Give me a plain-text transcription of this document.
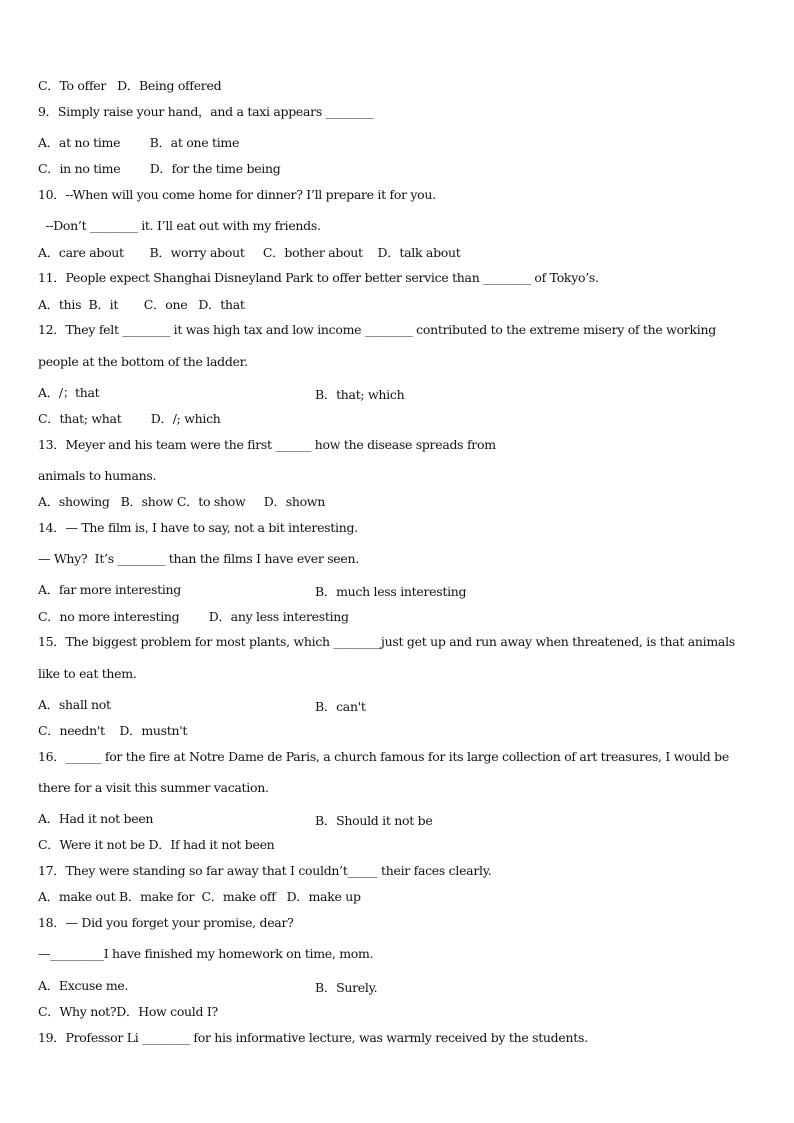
C．To offer   D．Being offered
9．Simply raise your hand，and a taxi appears ________
A．at no time        B．at one time
C．in no time        D．for the time being
10．--When will you come home for dinner? I’ll prepare it for you.
--Don’t ________ it. I’ll eat out with my friends.
A．care about       B．worry about     C．bother about    D．talk about
11．People expect Shanghai Disneyland Park to offer better service than ________ of Tokyo’s.
A．this  B．it       C．one   D．that
12．They felt ________ it was high tax and low income ________ contributed to the extreme misery of the working
people at the bottom of the ladder.
A．/；that	B．that; which
C．that; what        D．/; which
13．Meyer and his team were the first ______ how the disease spreads from
animals to humans.
A．showing   B．show C．to show     D．shown
14．— The film is, I have to say, not a bit interesting.
— Why?  It’s ________ than the films I have ever seen.
A．far more interesting	B．much less interesting
C．no more interesting        D．any less interesting
15．The biggest problem for most plants, which ________just get up and run away when threatened, is that animals
like to eat them.
A．shall not	B．can't
C．needn't    D．mustn't
16．______ for the fire at Notre Dame de Paris, a church famous for its large collection of art treasures, I would be
there for a visit this summer vacation.
A．Had it not been	B．Should it not be
C．Were it not be D．If had it not been
17．They were standing so far away that I couldn’t_____ their faces clearly.
A．make out B．make for  C．make off   D．make up
18．— Did you forget your promise, dear?
—_________I have finished my homework on time, mom.
A．Excuse me.	B．Surely.
C．Why not?D．How could I?
19．Professor Li ________ for his informative lecture, was warmly received by the students.
